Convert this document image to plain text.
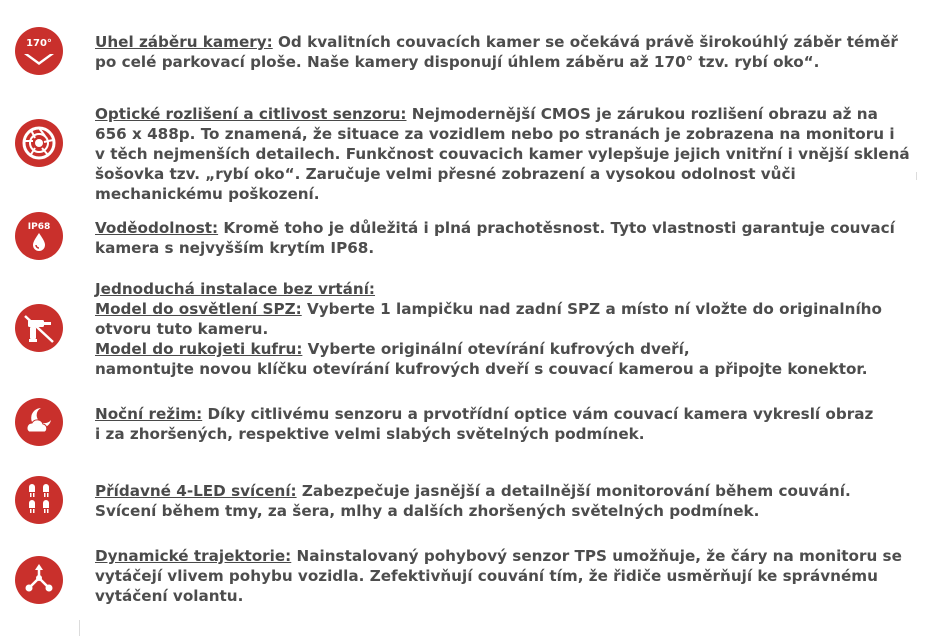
170°	Uhel záběru kamery: Od kvalitních couvacích kamer se očekává právě širokoúhlý záběr téměř
po celé parkovací ploše. Naše kamery disponují úhlem záběru až 170° tzv. rybí oko“.
Optické rozlišení a citlivost senzoru: Nejmodernější CMOS je zárukou rozlišení obrazu až na
656 x 488p. To znamená, že situace za vozidlem nebo po stranách je zobrazena na monitoru i
v těch nejmenších detailech. Funkčnost couvacich kamer vylepšuje jejich vnitřní i vnější sklená
šošovka tzv. „rybí oko“. Zaručuje velmi přesné zobrazení a vysokou odolnost vůči
mechanickému poškození.
IP68	Voděodolnost: Kromě toho je důležitá i plná prachotěsnost. Tyto vlastnosti garantuje couvací
kamera s nejvyšším krytím IP68.
Jednoduchá instalace bez vrtání:
Model do osvětlení SPZ: Vyberte 1 lampičku nad zadní SPZ a místo ní vložte do originalního
otvoru tuto kameru.
Model do rukojeti kufru: Vyberte originální otevírání kufrových dveří,
namontujte novou klíčku otevírání kufrových dveří s couvací kamerou a připojte konektor.
Noční režim: Díky citlivému senzoru a prvotřídní optice vám couvací kamera vykreslí obraz
i za zhoršených, respektive velmi slabých světelných podmínek.
Přídavné 4-LED svícení: Zabezpečuje jasnější a detailnější monitorování během couvání.
Svícení během tmy, za šera, mlhy a dalších zhoršených světelných podmínek.
Dynamické trajektorie: Nainstalovaný pohybový senzor TPS umožňuje, že čáry na monitoru se
vytáčejí vlivem pohybu vozidla. Zefektivňují couvání tím, že řidiče usměrňují ke správnému
vytáčení volantu.
